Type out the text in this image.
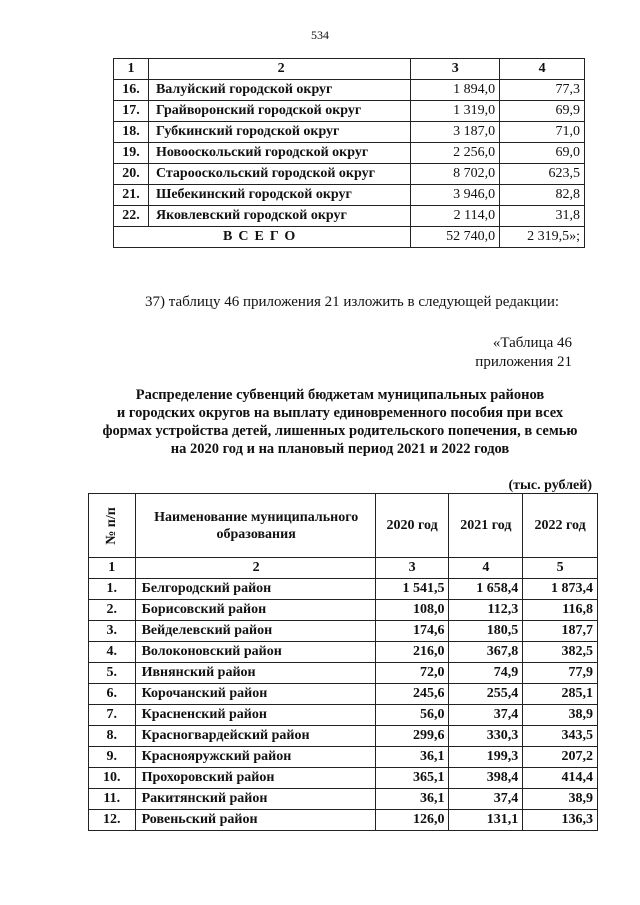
534
1	2	3	4
16.	Валуйский городской округ	1 894,0	77,3
17.	Грайворонский городской округ	1 319,0	69,9
18.	Губкинский городской округ	3 187,0	71,0
19.	Новооскольский городской округ	2 256,0	69,0
20.	Старооскольский городской округ	8 702,0	623,5
21.	Шебекинский городской округ	3 946,0	82,8
22.	Яковлевский городской округ	2 114,0	31,8
ВСЕГО		52 740,0	2 319,5»;
37) таблицу 46 приложения 21 изложить в следующей редакции:
«Таблица 46
приложения 21
Распределение субвенций бюджетам муниципальных районов
и городских округов на выплату единовременного пособия при всех
формах устройства детей, лишенных родительского попечения, в семью
на 2020 год и на плановый период 2021 и 2022 годов
(тыс. рублей)
№ п/п	Наименование муниципального образования	2020 год	2021 год	2022 год
1	2	3	4	5
1.	Белгородский район	1 541,5	1 658,4	1 873,4
2.	Борисовский район	108,0	112,3	116,8
3.	Вейделевский район	174,6	180,5	187,7
4.	Волоконовский район	216,0	367,8	382,5
5.	Ивнянский район	72,0	74,9	77,9
6.	Корочанский район	245,6	255,4	285,1
7.	Красненский район	56,0	37,4	38,9
8.	Красногвардейский район	299,6	330,3	343,5
9.	Краснояружский район	36,1	199,3	207,2
10.	Прохоровский район	365,1	398,4	414,4
11.	Ракитянский район	36,1	37,4	38,9
12.	Ровеньский район	126,0	131,1	136,3
